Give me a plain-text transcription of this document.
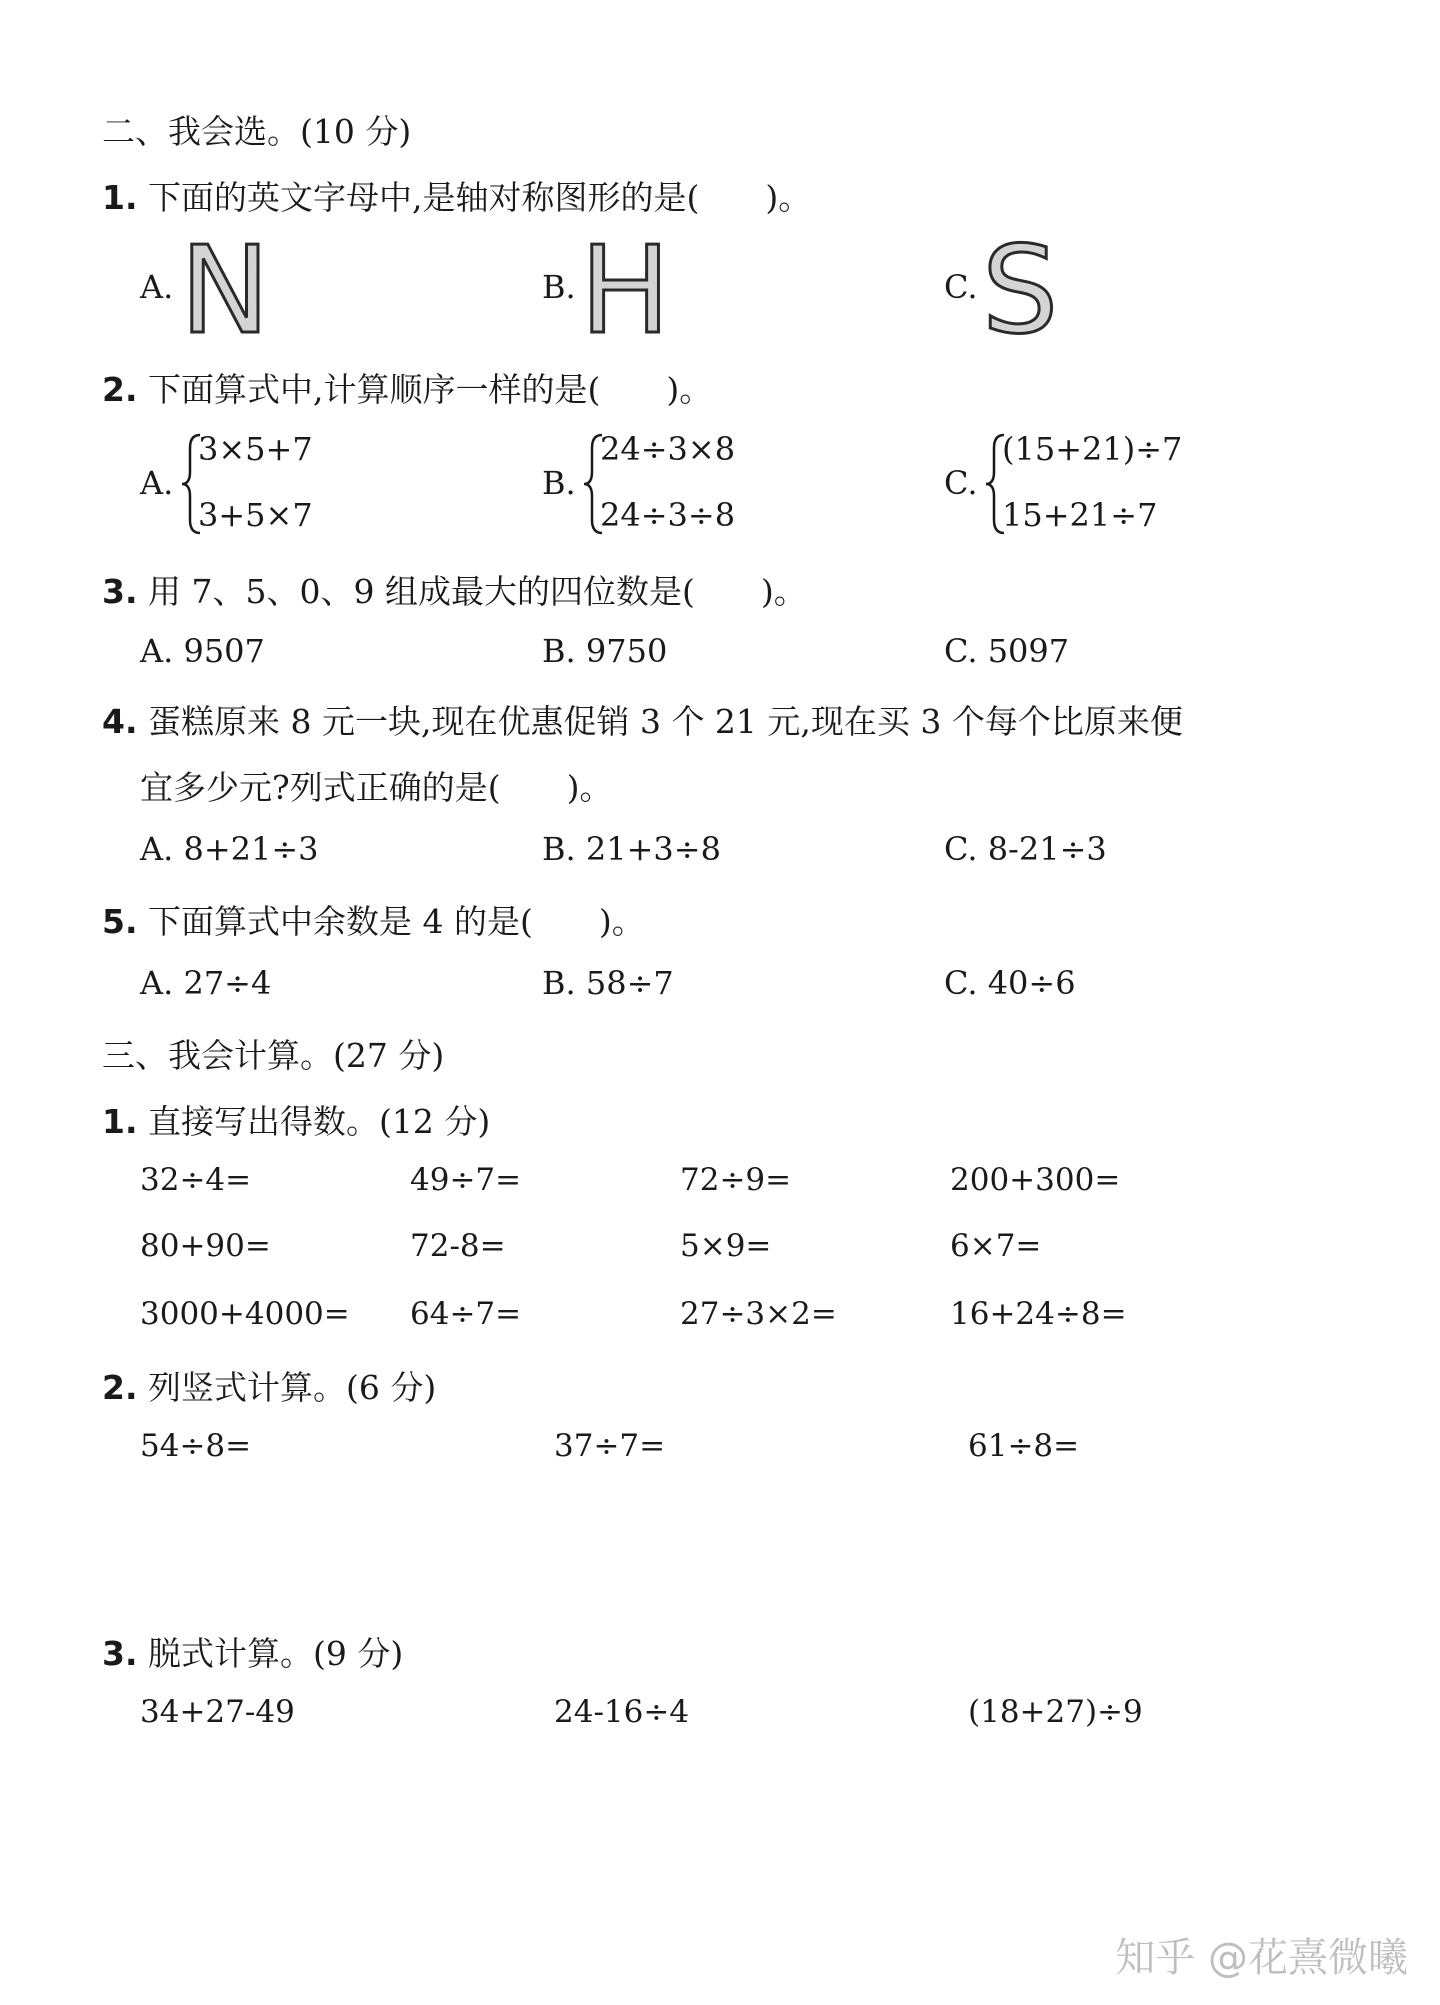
二、我会选。(10 分)
1. 下面的英文字母中,是轴对称图形的是(　　)。
A. N	B. H	C. S
2. 下面算式中,计算顺序一样的是(　　)。
A.
3×5+7
3+5×7
B.
24÷3×8
24÷3÷8
C.
(15+21)÷7
15+21÷7
3. 用 7、5、0、9 组成最大的四位数是(　　)。
A. 9507	B. 9750	C. 5097
4. 蛋糕原来 8 元一块,现在优惠促销 3 个 21 元,现在买 3 个每个比原来便
宜多少元?列式正确的是(　　)。
A. 8+21÷3	B. 21+3÷8	C. 8-21÷3
5. 下面算式中余数是 4 的是(　　)。
A. 27÷4	B. 58÷7	C. 40÷6
三、我会计算。(27 分)
1. 直接写出得数。(12 分)
32÷4=	49÷7=	72÷9=	200+300=
80+90=	72-8=	5×9=	6×7=
3000+4000= 64÷7=	27÷3×2=	16+24÷8=
2. 列竖式计算。(6 分)
54÷8=	37÷7=	61÷8=
3. 脱式计算。(9 分)
34+27-49	24-16÷4	(18+27)÷9
知乎 @花熹微曦
